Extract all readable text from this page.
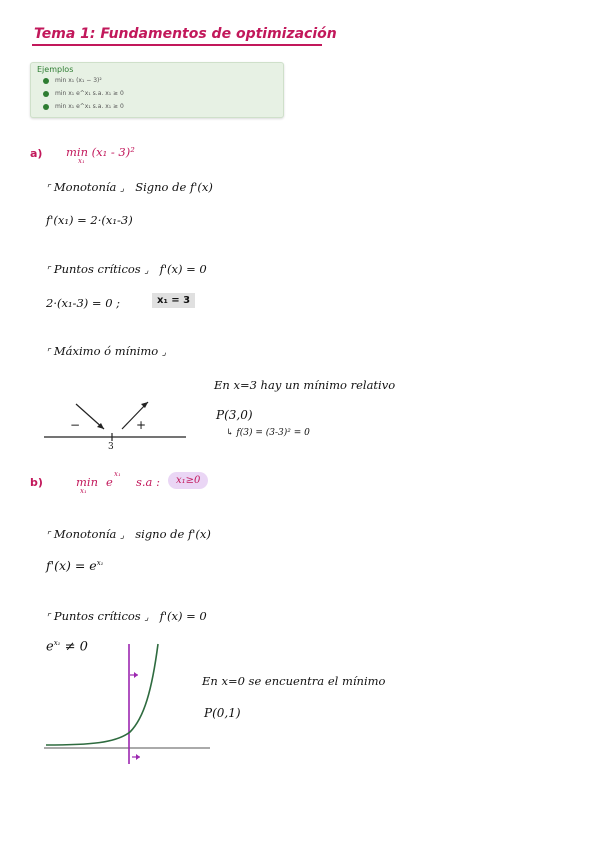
Tema 1: Fundamentos de optimización
Ejemplos
min x₁ (x₁ − 3)²
min x₁ e^x₁ s.a. x₁ ≥ 0
min x₁ e^x₁ s.a. x₁ ≥ 0
a) min (x₁ - 3)²
x₁
⌜ Monotonía ⌟ Signo de f'(x)
f'(x₁) = 2·(x₁-3)
⌜ Puntos críticos ⌟ f'(x) = 0
2·(x₁-3) = 0 ;	x₁ = 3
⌜ Máximo ó mínimo ⌟
En x=3 hay un mínimo relativo
P(3,0)
↳ f(3) = (3-3)² = 0
−	+
3
b)	min
x₁
e
x₁
s.a :	x₁≥0
⌜ Monotonía ⌟ signo de f'(x)
$f'(x) = e^{x_1}$
⌜ Puntos críticos ⌟ f'(x) = 0
$e^{x_1} \ne 0$
En x=0 se encuentra el mínimo
P(0,1)
